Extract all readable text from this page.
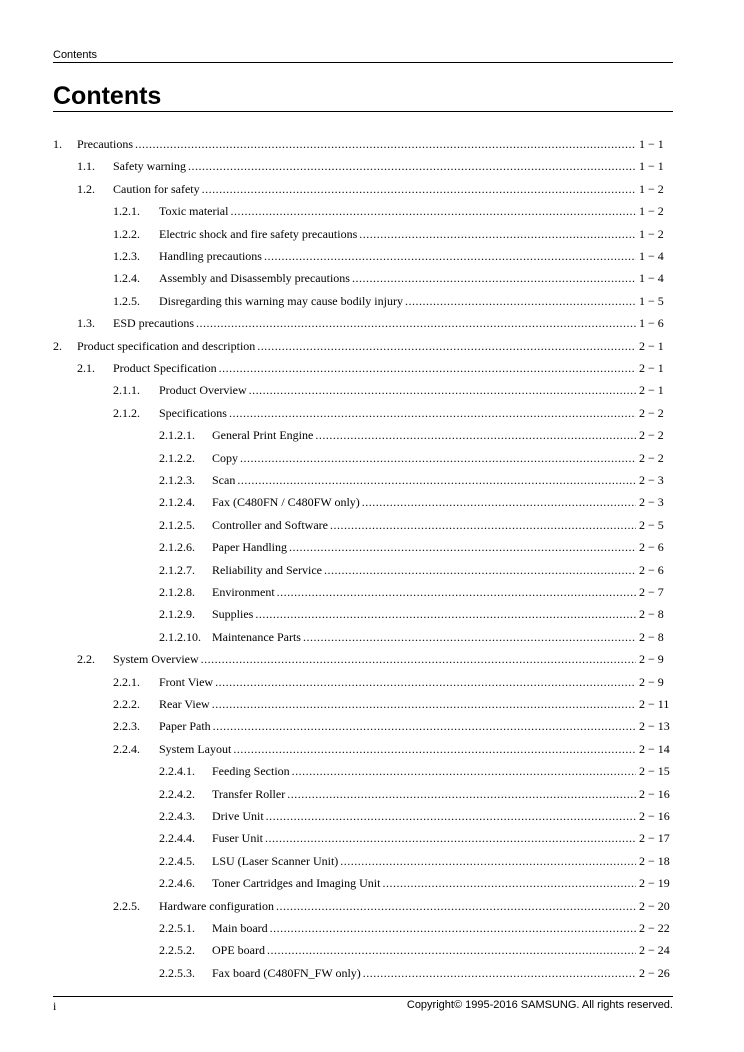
Contents
Contents
1.	Precautions .....	1 − 1
1.1.	Safety warning .....	1 − 1
1.2.	Caution for safety .....	1 − 2
1.2.1.	Toxic material .....	1 − 2
1.2.2.	Electric shock and fire safety precautions .....	1 − 2
1.2.3.	Handling precautions .....	1 − 4
1.2.4.	Assembly and Disassembly precautions .....	1 − 4
1.2.5.	Disregarding this warning may cause bodily injury .....	1 − 5
1.3.	ESD precautions .....	1 − 6
2.	Product specification and description .....	2 − 1
2.1.	Product Specification .....	2 − 1
2.1.1.	Product Overview .....	2 − 1
2.1.2.	Specifications .....	2 − 2
2.1.2.1.	General Print Engine .....	2 − 2
2.1.2.2.	Copy .....	2 − 2
2.1.2.3.	Scan .....	2 − 3
2.1.2.4.	Fax (C480FN / C480FW only) .....	2 − 3
2.1.2.5.	Controller and Software .....	2 − 5
2.1.2.6.	Paper Handling .....	2 − 6
2.1.2.7.	Reliability and Service .....	2 − 6
2.1.2.8.	Environment .....	2 − 7
2.1.2.9.	Supplies .....	2 − 8
2.1.2.10. Maintenance Parts .....	2 − 8
2.2.	System Overview .....	2 − 9
2.2.1.	Front View .....	2 − 9
2.2.2.	Rear View .....	2 − 11
2.2.3.	Paper Path .....	2 − 13
2.2.4.	System Layout .....	2 − 14
2.2.4.1.	Feeding Section .....	2 − 15
2.2.4.2.	Transfer Roller .....	2 − 16
2.2.4.3.	Drive Unit .....	2 − 16
2.2.4.4.	Fuser Unit .....	2 − 17
2.2.4.5.	LSU (Laser Scanner Unit) .....	2 − 18
2.2.4.6.	Toner Cartridges and Imaging Unit .....	2 − 19
2.2.5.	Hardware configuration .....	2 − 20
2.2.5.1.	Main board .....	2 − 22
2.2.5.2.	OPE board .....	2 − 24
2.2.5.3.	Fax board (C480FN_FW only) .....	2 − 26
i	Copyright© 1995-2016 SAMSUNG. All rights reserved.
